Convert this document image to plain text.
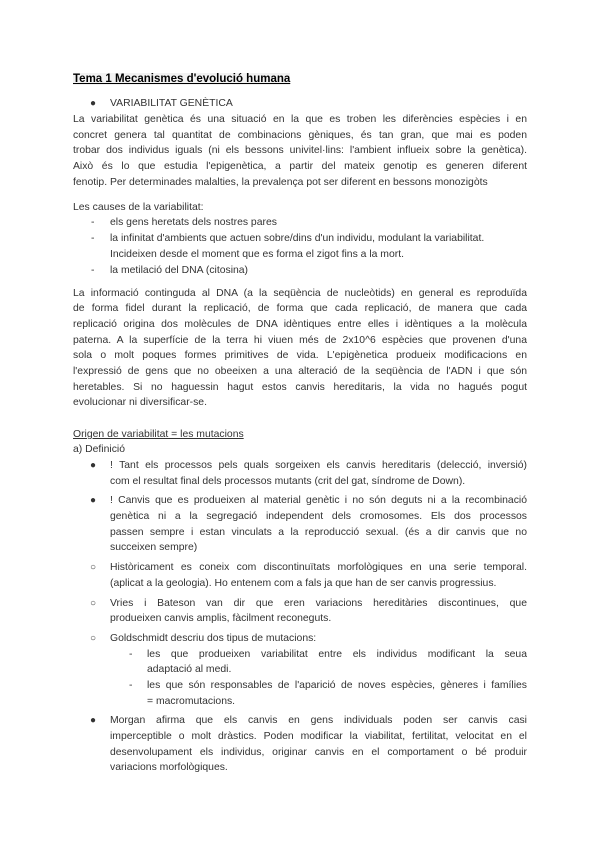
Tema 1 Mecanismes d'evolució humana
● VARIABILITAT GENÈTICA
La variabilitat genètica és una situació en la que es troben les diferències espècies i en
concret genera tal quantitat de combinacions gèniques, és tan gran, que mai es poden
trobar dos individus iguals (ni els bessons univitel·lins: l'ambient influeix sobre la genètica).
Això és lo que estudia l'epigenètica, a partir del mateix genotip es generen diferent
fenotip. Per determinades malalties, la prevalença pot ser diferent en bessons monozigòts
Les causes de la variabilitat:
- els gens heretats dels nostres pares
- la infinitat d'ambients que actuen sobre/dins d'un individu, modulant la variabilitat.
Incideixen desde el moment que es forma el zigot fins a la mort.
- la metilació del DNA (citosina)
La informació continguda al DNA (a la seqüència de nucleòtids) en general es reproduïda
de forma fidel durant la replicació, de forma que cada replicació, de manera que cada
replicació origina dos molècules de DNA idèntiques entre elles i idèntiques a la molècula
paterna. A la superfície de la terra hi viuen més de 2x10^6 espècies que provenen d'una
sola o molt poques formes primitives de vida. L'epigènetica produeix modificacions en
l'expressió de gens que no obeeixen a una alteració de la seqüència de l'ADN i que són
heretables. Si no haguessin hagut estos canvis hereditaris, la vida no hagués pogut
evolucionar ni diversificar-se.
Origen de variabilitat = les mutacions
a) Definició
● ! Tant els processos pels quals sorgeixen els canvis hereditaris (delecció, inversió)
com el resultat final dels processos mutants (crit del gat, síndrome de Down).
● ! Canvis que es produeixen al material genètic i no són deguts ni a la recombinació
genètica ni a la segregació independent dels cromosomes. Els dos processos
passen sempre i estan vinculats a la reproducció sexual. (és a dir canvis que no
succeixen sempre)
○ Històricament es coneix com discontinuïtats morfològiques en una serie temporal.
(aplicat a la geologia). Ho entenem com a fals ja que han de ser canvis progressius.
○ Vries i Bateson van dir que eren variacions hereditàries discontinues, que
produeixen canvis amplis, fàcilment reconeguts.
○ Goldschmidt descriu dos tipus de mutacions:
- les que produeixen variabilitat entre els individus modificant la seua
adaptació al medi.
- les que són responsables de l'aparició de noves espècies, gèneres i famílies
= macromutacions.
● Morgan afirma que els canvis en gens individuals poden ser canvis casi
imperceptible o molt dràstics. Poden modificar la viabilitat, fertilitat, velocitat en el
desenvolupament els individus, originar canvis en el comportament o bé produir
variacions morfològiques.
